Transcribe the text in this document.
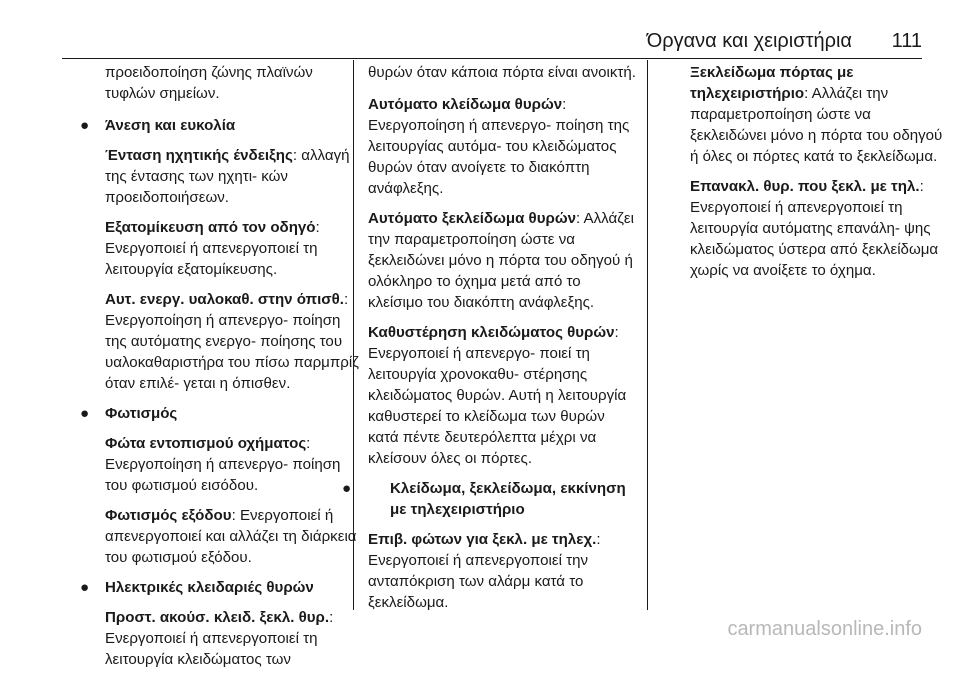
Όργανα και χειριστήρια 111
προειδοποίηση ζώνης πλαϊνών τυφλών σημείων.
● Άνεση και ευκολία
Ένταση ηχητικής ένδειξης: αλλαγή της έντασης των ηχητι‐ κών προειδοποιήσεων.
Εξατομίκευση από τον οδηγό: Ενεργοποιεί ή απενεργοποιεί τη λειτουργία εξατομίκευσης.
Αυτ. ενεργ. υαλοκαθ. στην όπισθ.: Ενεργοποίηση ή απενεργο‐ ποίηση της αυτόματης ενεργο‐ ποίησης του υαλοκαθαριστήρα του πίσω παρμπρίζ όταν επιλέ‐ γεται η όπισθεν.
● Φωτισμός
Φώτα εντοπισμού οχήματος: Ενεργοποίηση ή απενεργο‐ ποίηση του φωτισμού εισόδου.
Φωτισμός εξόδου: Ενεργοποιεί ή απενεργοποιεί και αλλάζει τη διάρκεια του φωτισμού εξόδου.
● Ηλεκτρικές κλειδαριές θυρών
Προστ. ακούσ. κλειδ. ξεκλ. θυρ.: Ενεργοποιεί ή απενεργοποιεί τη λειτουργία κλειδώματος των
θυρών όταν κάποια πόρτα είναι ανοικτή.
Αυτόματο κλείδωμα θυρών: Ενεργοποίηση ή απενεργο‐ ποίηση της λειτουργίας αυτόμα‐ του κλειδώματος θυρών όταν ανοίγετε το διακόπτη ανάφλεξης.
Αυτόματο ξεκλείδωμα θυρών: Αλλάζει την παραμετροποίηση ώστε να ξεκλειδώνει μόνο η πόρτα του οδηγού ή ολόκληρο το όχημα μετά από το κλείσιμο του διακόπτη ανάφλεξης.
Καθυστέρηση κλειδώματος θυρών: Ενεργοποιεί ή απενεργο‐ ποιεί τη λειτουργία χρονοκαθυ‐ στέρησης κλειδώματος θυρών. Αυτή η λειτουργία καθυστερεί το κλείδωμα των θυρών κατά πέντε δευτερόλεπτα μέχρι να κλείσουν όλες οι πόρτες.
●	Κλείδωμα, ξεκλείδωμα, εκκίνηση με τηλεχειριστήριο
Επιβ. φώτων για ξεκλ. με τηλεχ.: Ενεργοποιεί ή απενεργοποιεί την ανταπόκριση των αλάρμ κατά το ξεκλείδωμα.
Ξεκλείδωμα πόρτας με τηλεχειριστήριο: Αλλάζει την παραμετροποίηση ώστε να ξεκλειδώνει μόνο η πόρτα του οδηγού ή όλες οι πόρτες κατά το ξεκλείδωμα.
Επανακλ. θυρ. που ξεκλ. με τηλ.: Ενεργοποιεί ή απενεργοποιεί τη λειτουργία αυτόματης επανάλη‐ ψης κλειδώματος ύστερα από ξεκλείδωμα χωρίς να ανοίξετε το όχημα.
carmanualsonline.info
